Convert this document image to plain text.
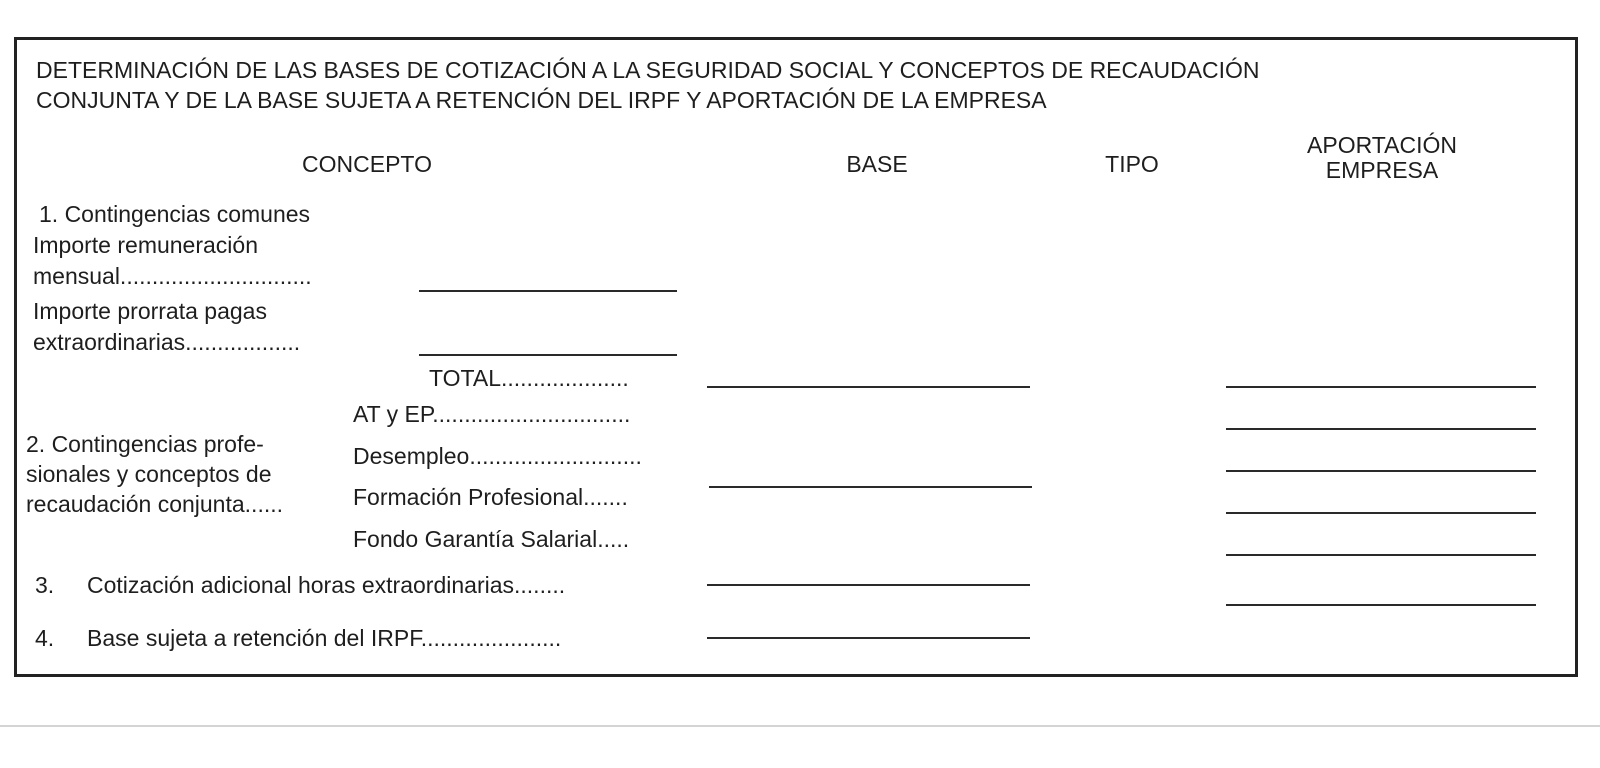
DETERMINACIÓN DE LAS BASES DE COTIZACIÓN A LA SEGURIDAD SOCIAL Y CONCEPTOS DE RECAUDACIÓN
CONJUNTA Y DE LA BASE SUJETA A RETENCIÓN DEL IRPF Y APORTACIÓN DE LA EMPRESA
CONCEPTO	BASE	TIPO
APORTACIÓN
EMPRESA
1. Contingencias comunes
Importe remuneración
mensual..............................
Importe prorrata pagas
extraordinarias..................
TOTAL....................
AT y EP...............................
2. Contingencias profe-
sionales y conceptos de
recaudación conjunta......
Desempleo...........................
Formación Profesional.......
Fondo Garantía Salarial.....
3. Cotización adicional horas extraordinarias........
4. Base sujeta a retención del IRPF......................
